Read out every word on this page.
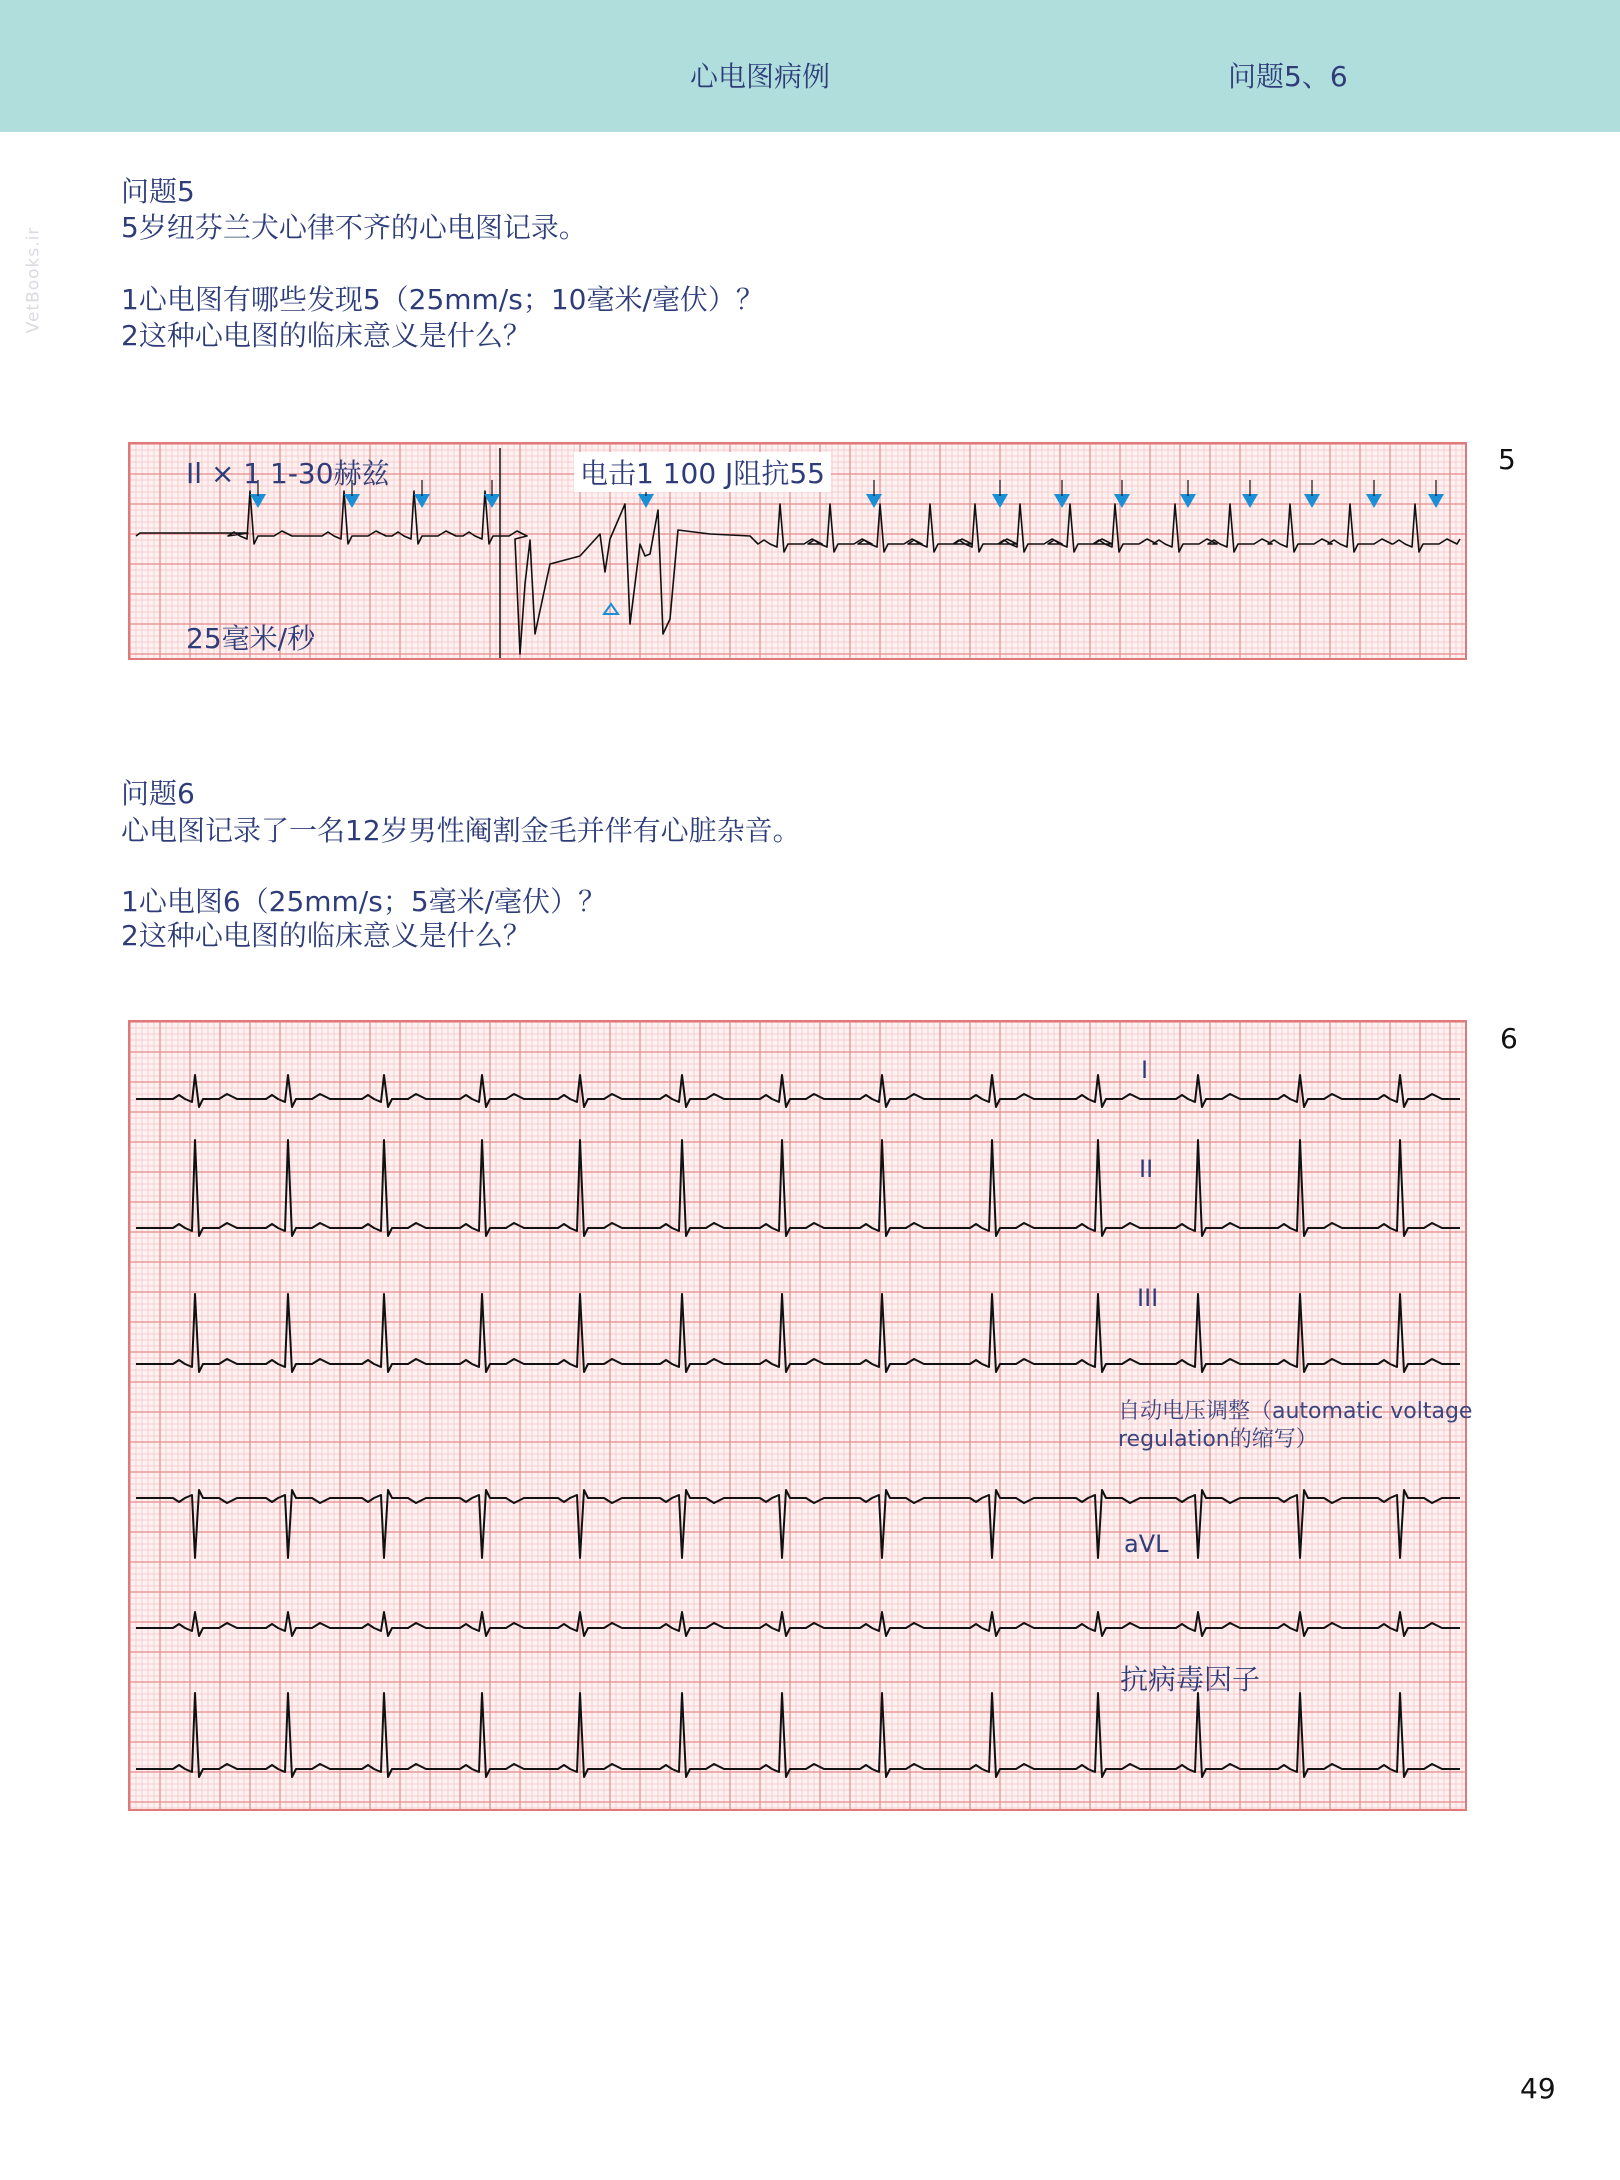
心电图病例	问题5、6
VetBooks.ir
问题5
5岁纽芬兰犬心律不齐的心电图记录。
1心电图有哪些发现5（25mm/s；10毫米/毫伏）？
2这种心电图的临床意义是什么？
Il × 1 1-30赫兹	电击1 100 J阻抗55
25毫米/秒
5
问题6
心电图记录了一名12岁男性阉割金毛并伴有心脏杂音。
1心电图6（25mm/s；5毫米/毫伏）？
2这种心电图的临床意义是什么？
I
II
III
自动电压调整（automatic voltage regulation的缩写）
aVL
抗病毒因子
6
49
